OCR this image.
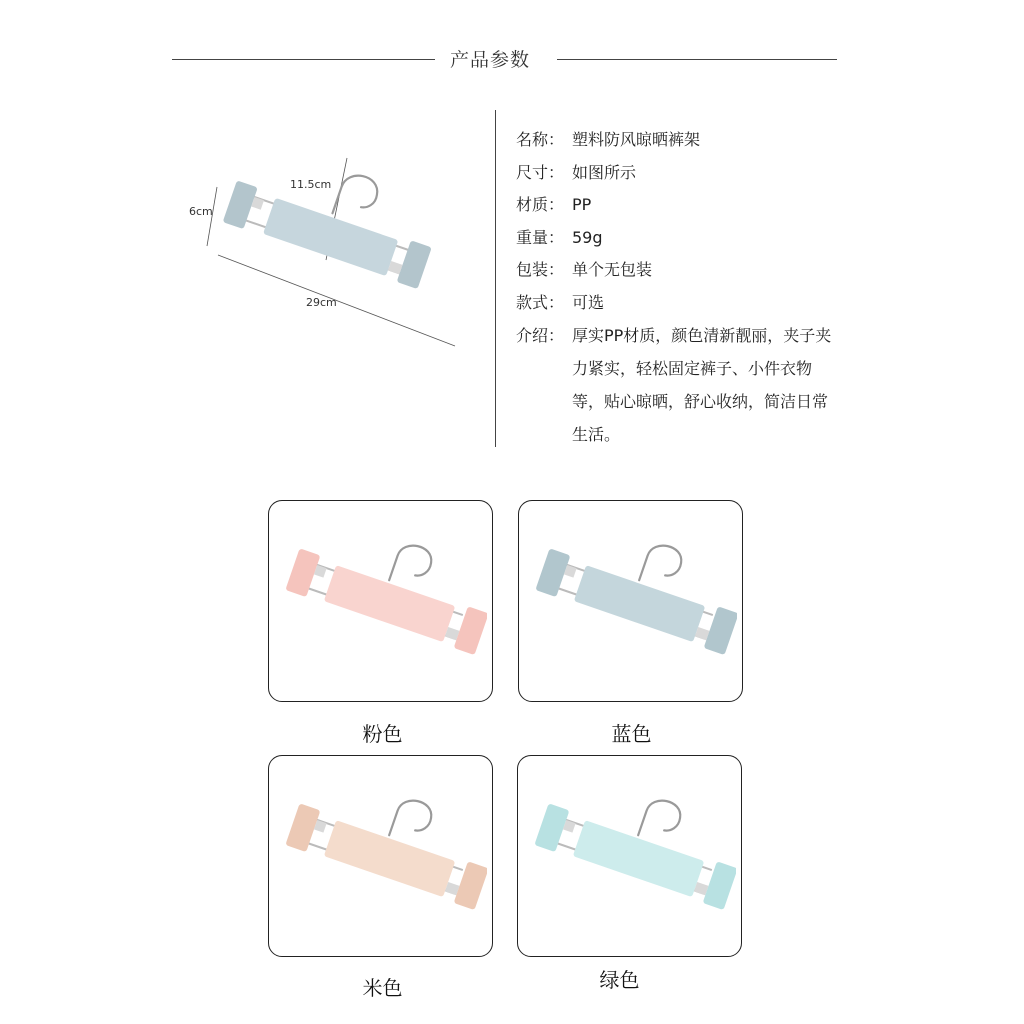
产品参数
6cm
11.5cm
29cm
名称： 塑料防风晾晒裤架
尺寸： 如图所示
材质： PP
重量： 59g
包装： 单个无包装
款式： 可选
介绍： 厚实PP材质，颜色清新靓丽，夹子夹力紧实，轻松固定裤子、小件衣物等，贴心晾晒，舒心收纳，简洁日常生活。
粉色	蓝色
米色	绿色
